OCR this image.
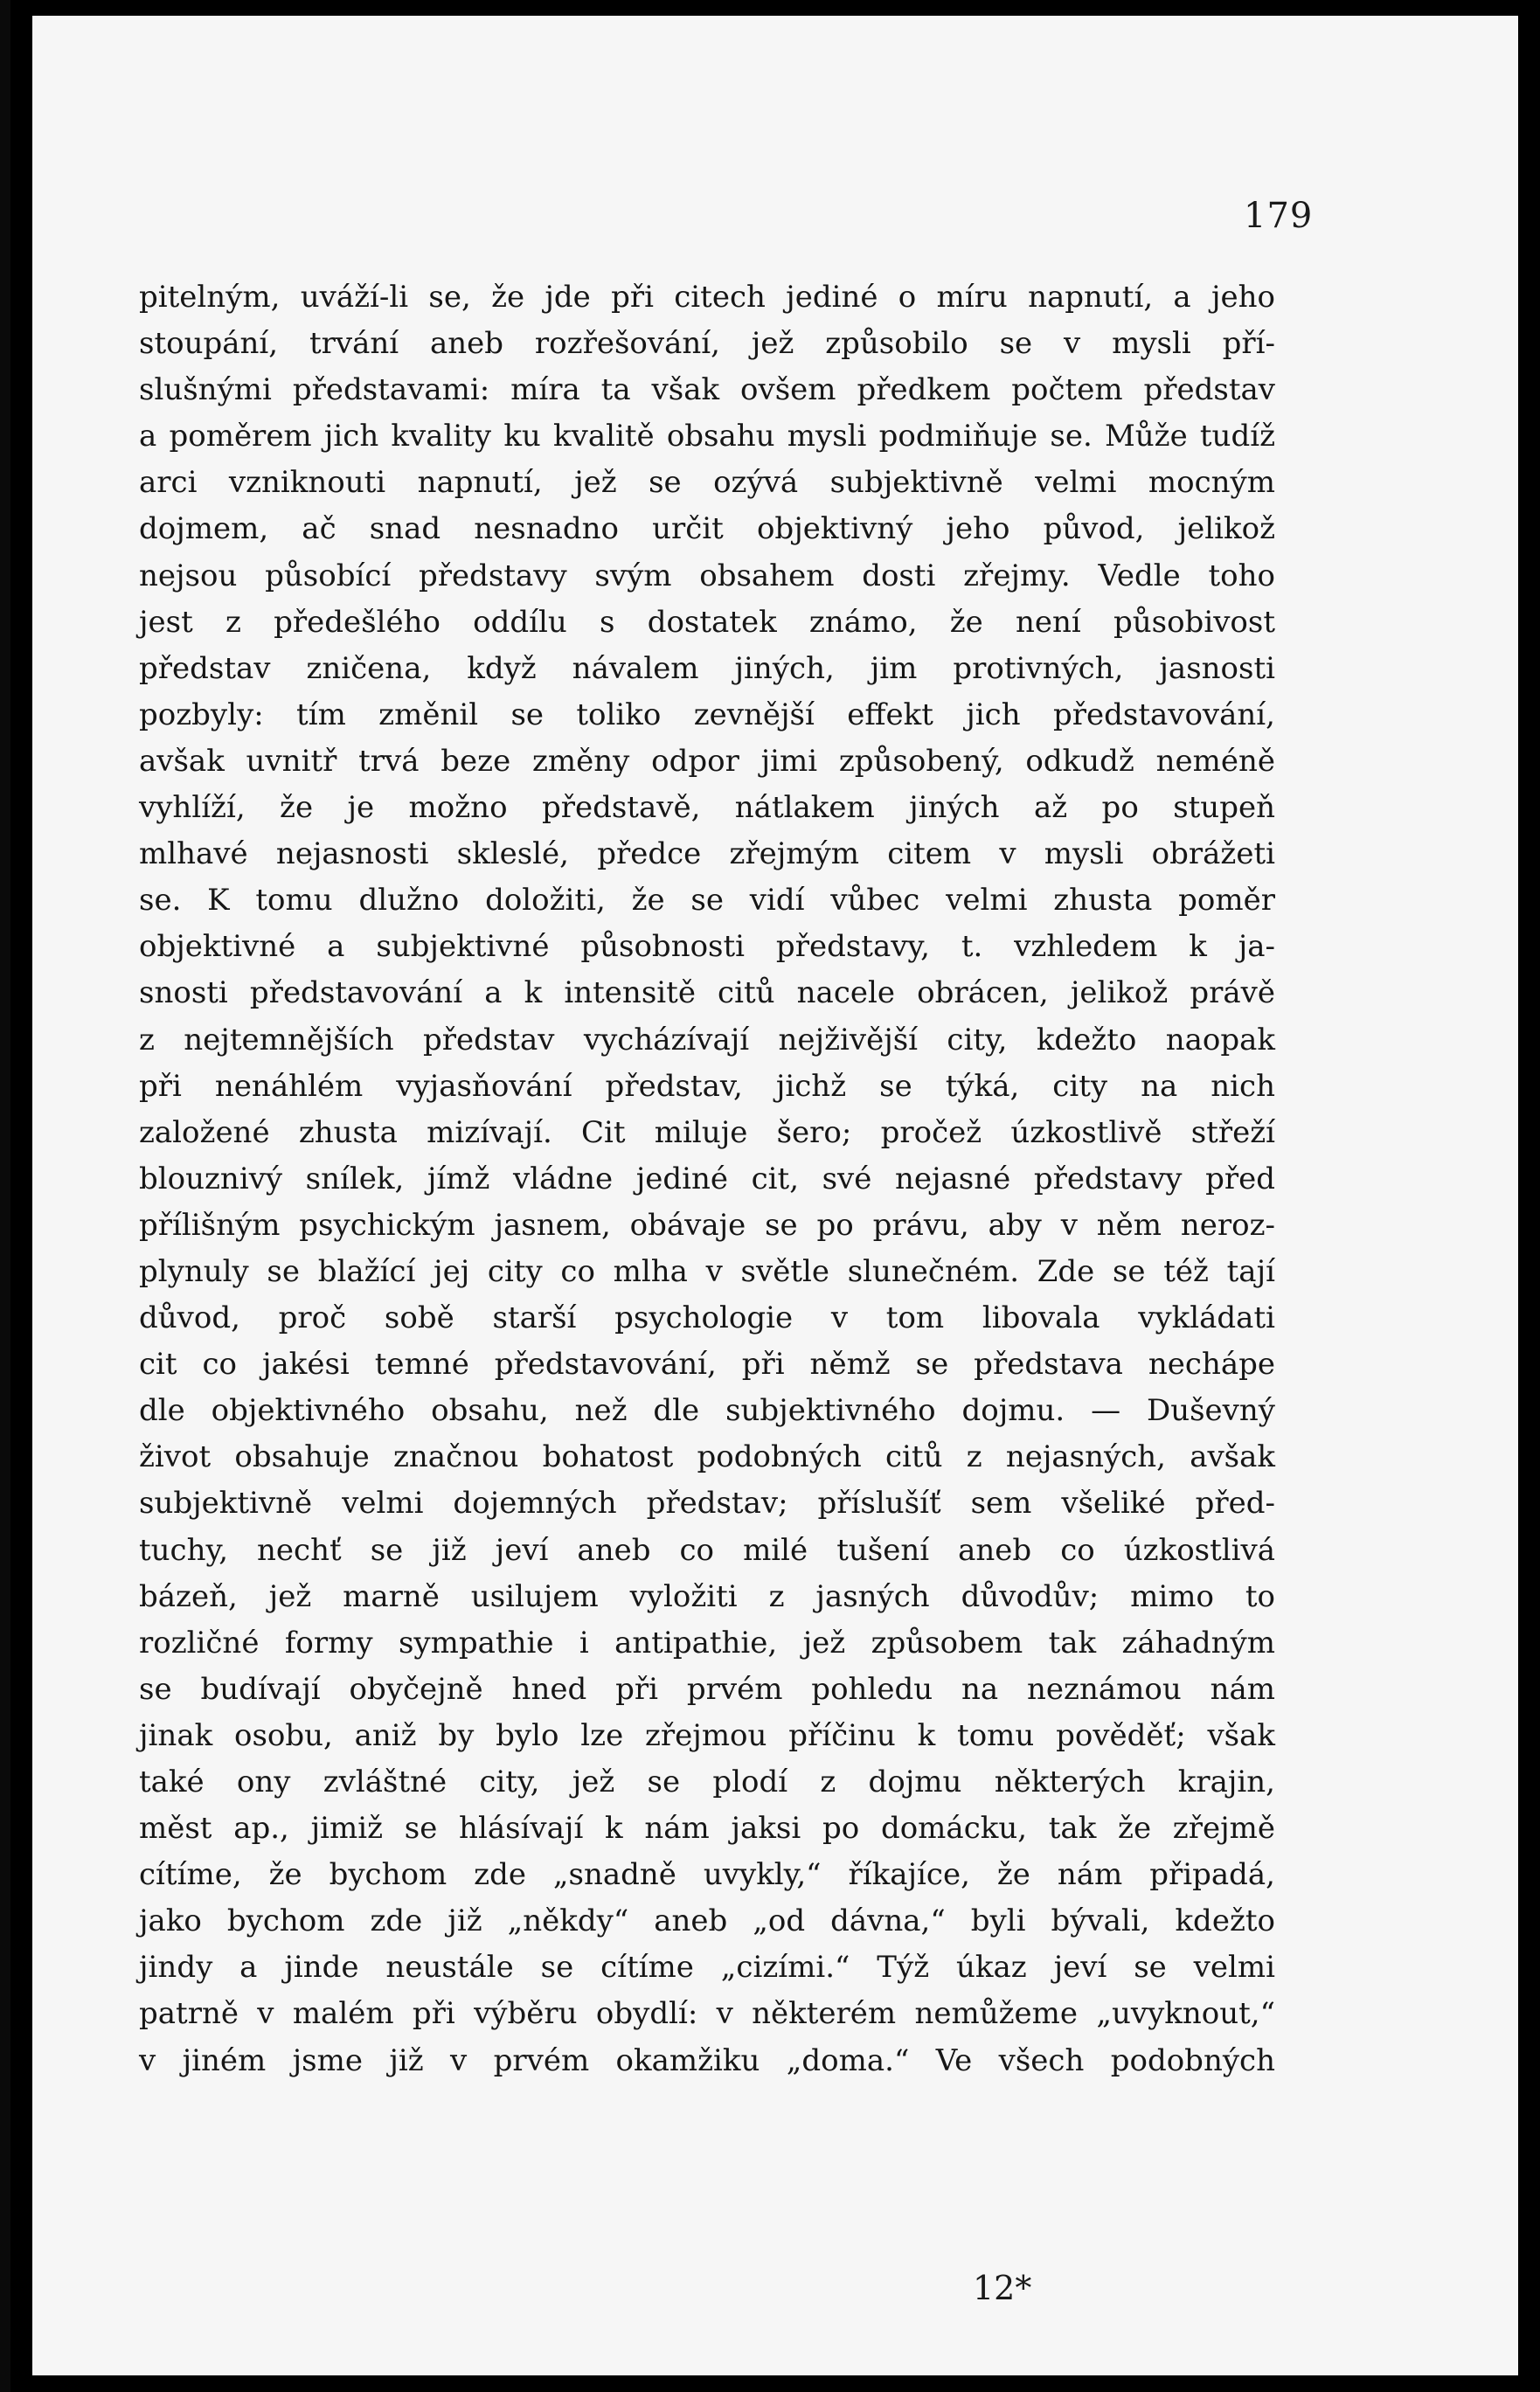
179
pitelným, uváží-li se, že jde při citech jediné o míru napnutí, a jeho
stoupání, trvání aneb rozřešování, jež způsobilo se v mysli pří-
slušnými představami: míra ta však ovšem předkem počtem představ
a poměrem jich kvality ku kvalitě obsahu mysli podmiňuje se. Může tudíž
arci vzniknouti napnutí, jež se ozývá subjektivně velmi mocným
dojmem, ač snad nesnadno určit objektivný jeho původ, jelikož
nejsou působící představy svým obsahem dosti zřejmy. Vedle toho
jest z předešlého oddílu s dostatek známo, že není působivost
představ zničena, když návalem jiných, jim protivných, jasnosti
pozbyly: tím změnil se toliko zevnější effekt jich představování,
avšak uvnitř trvá beze změny odpor jimi způsobený, odkudž neméně
vyhlíží, že je možno představě, nátlakem jiných až po stupeň
mlhavé nejasnosti skleslé, předce zřejmým citem v mysli obrážeti
se. K tomu dlužno doložiti, že se vidí vůbec velmi zhusta poměr
objektivné a subjektivné působnosti představy, t. vzhledem k ja-
snosti představování a k intensitě citů nacele obrácen, jelikož právě
z nejtemnějších představ vycházívají nejživější city, kdežto naopak
při nenáhlém vyjasňování představ, jichž se týká, city na nich
založené zhusta mizívají. Cit miluje šero; pročež úzkostlivě střeží
blouznivý snílek, jímž vládne jediné cit, své nejasné představy před
přílišným psychickým jasnem, obávaje se po právu, aby v něm neroz-
plynuly se blažící jej city co mlha v světle slunečném. Zde se též tají
důvod, proč sobě starší psychologie v tom libovala vykládati
cit co jakési temné představování, při němž se představa nechápe
dle objektivného obsahu, než dle subjektivného dojmu. — Duševný
život obsahuje značnou bohatost podobných citů z nejasných, avšak
subjektivně velmi dojemných představ; příslušíť sem všeliké před-
tuchy, nechť se již jeví aneb co milé tušení aneb co úzkostlivá
bázeň, jež marně usilujem vyložiti z jasných důvodův; mimo to
rozličné formy sympathie i antipathie, jež způsobem tak záhadným
se budívají obyčejně hned při prvém pohledu na neznámou nám
jinak osobu, aniž by bylo lze zřejmou příčinu k tomu pověděť; však
také ony zvláštné city, jež se plodí z dojmu některých krajin,
měst ap., jimiž se hlásívají k nám jaksi po domácku, tak že zřejmě
cítíme, že bychom zde „snadně uvykly,“ říkajíce, že nám připadá,
jako bychom zde již „někdy“ aneb „od dávna,“ byli bývali, kdežto
jindy a jinde neustále se cítíme „cizími.“ Týž úkaz jeví se velmi
patrně v malém při výběru obydlí: v některém nemůžeme „uvyknout,“
v jiném jsme již v prvém okamžiku „doma.“ Ve všech podobných
12*
